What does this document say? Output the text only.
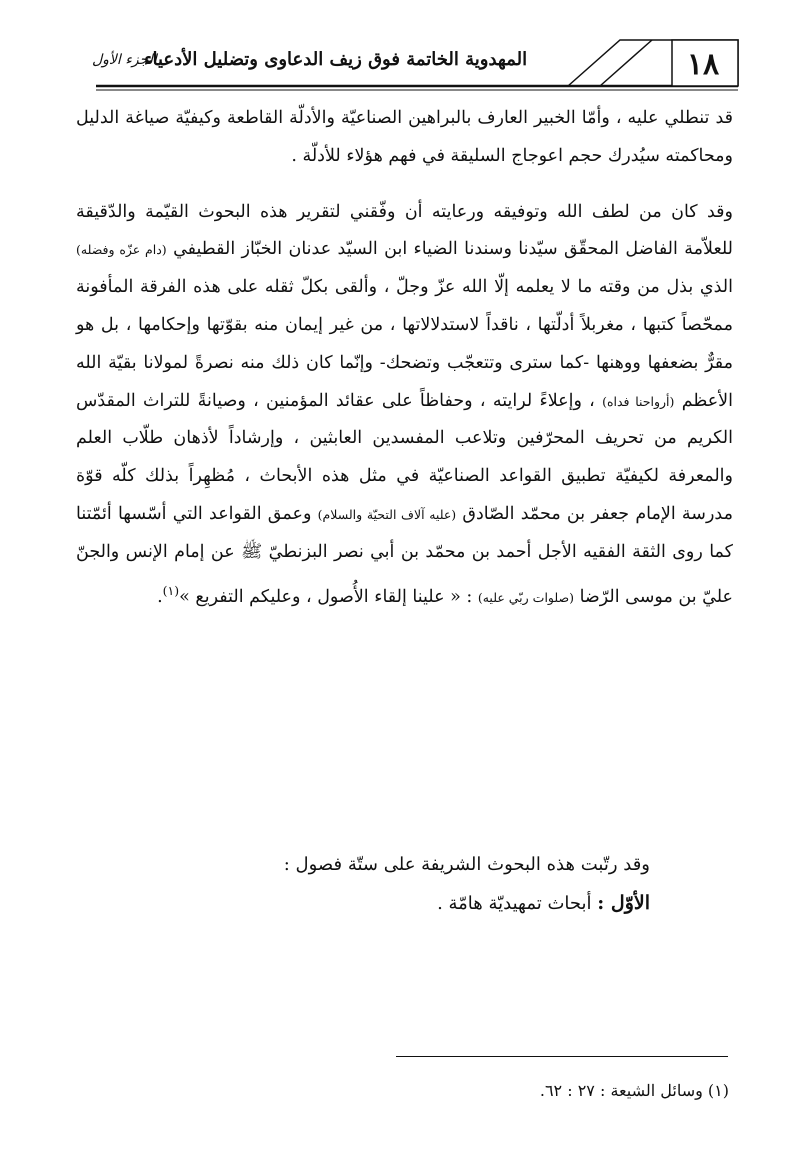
١٨
المهدوية الخاتمة فوق زيف الدعاوى وتضليل الأدعياء
الجزء الأول

قد تنطلي عليه ، وأمّا الخبير العارف بالبراهين الصناعيّة والأدلّة القاطعة وكيفيّة صياغة الدليل ومحاكمته سيُدرك حجم اعوجاج السليقة في فهم هؤلاء للأدلّة .

وقد كان من لطف الله وتوفيقه ورعايته أن وفّقني لتقرير هذه البحوث القيّمة والدّقيقة للعلاّمة الفاضل المحقّق سيّدنا وسندنا الضياء ابن السيّد عدنان الخبّاز القطيفي (دام عزّه وفضله) الذي بذل من وقته ما لا يعلمه إلّا الله عزّ وجلّ ، وألقى بكلّ ثقله على هذه الفرقة المأفونة ممحّصاً كتبها ، مغربلاً أدلّتها ، ناقداً لاستدلالاتها ، من غير إيمان منه بقوّتها وإحكامها ، بل هو مقرٌّ بضعفها ووهنها -كما سترى وتتعجّب وتضحك- وإنّما كان ذلك منه نصرةً لمولانا بقيّة الله الأعظم (أرواحنا فداه) ، وإعلاءً لرايته ، وحفاظاً على عقائد المؤمنين ، وصيانةً للتراث المقدّس الكريم من تحريف المحرّفين وتلاعب المفسدين العابثين ، وإرشاداً لأذهان طلّاب العلم والمعرفة لكيفيّة تطبيق القواعد الصناعيّة في مثل هذه الأبحاث ، مُظهِراً بذلك كلّه قوّة مدرسة الإمام جعفر بن محمّد الصّادق (عليه آلاف التحيّة والسلام) وعمق القواعد التي أسّسها أئمّتنا كما روى الثقة الفقيه الأجل أحمد بن محمّد بن أبي نصر البزنطيّ ﷺ عن إمام الإنس والجنّ عليّ بن موسى الرّضا (صلوات ربّي عليه) : « علينا إلقاء الأُصول ، وعليكم التفريع »$^{(١)}$.

وقد رتّبت هذه البحوث الشريفة على ستّة فصول :

الأوّل : أبحاث تمهيديّة هامّة .

(١) وسائل الشيعة : ٢٧ : ٦٢.
